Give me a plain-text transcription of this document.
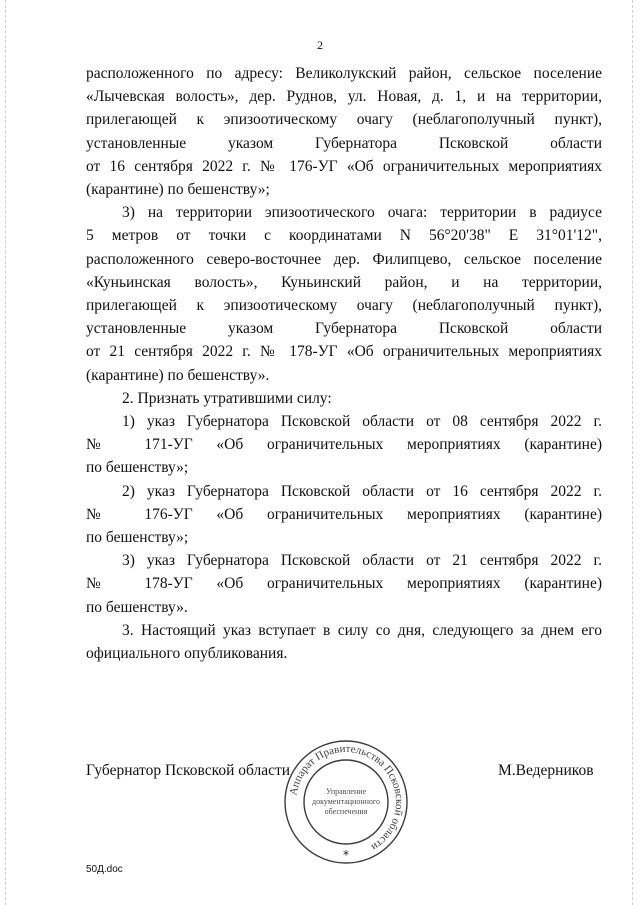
2
расположенного по адресу: Великолукский район, сельское поселение
«Лычевская волость», дер. Руднов, ул. Новая, д. 1, и на территории,
прилегающей к эпизоотическому очагу (неблагополучный пункт),
установленные указом Губернатора Псковской области
от 16 сентября 2022 г. № 176-УГ «Об ограничительных мероприятиях
(карантине) по бешенству»;
3) на территории эпизоотического очага: территории в радиусе
5 метров от точки с координатами N 56°20'38" E 31°01'12",
расположенного северо-восточнее дер. Филипцево, сельское поселение
«Куньинская волость», Куньинский район, и на территории,
прилегающей к эпизоотическому очагу (неблагополучный пункт),
установленные указом Губернатора Псковской области
от 21 сентября 2022 г. № 178-УГ «Об ограничительных мероприятиях
(карантине) по бешенству».
2. Признать утратившими силу:
1) указ Губернатора Псковской области от 08 сентября 2022 г.
№ 171-УГ «Об ограничительных мероприятиях (карантине)
по бешенству»;
2) указ Губернатора Псковской области от 16 сентября 2022 г.
№ 176-УГ «Об ограничительных мероприятиях (карантине)
по бешенству»;
3) указ Губернатора Псковской области от 21 сентября 2022 г.
№ 178-УГ «Об ограничительных мероприятиях (карантине)
по бешенству».
3. Настоящий указ вступает в силу со дня, следующего за днем его
официального опубликования.
Губернатор Псковской области	М.Ведерников
Аппарат Правительства Псковской области
Управление
документационного
обеспечения
*
50Д.doc
